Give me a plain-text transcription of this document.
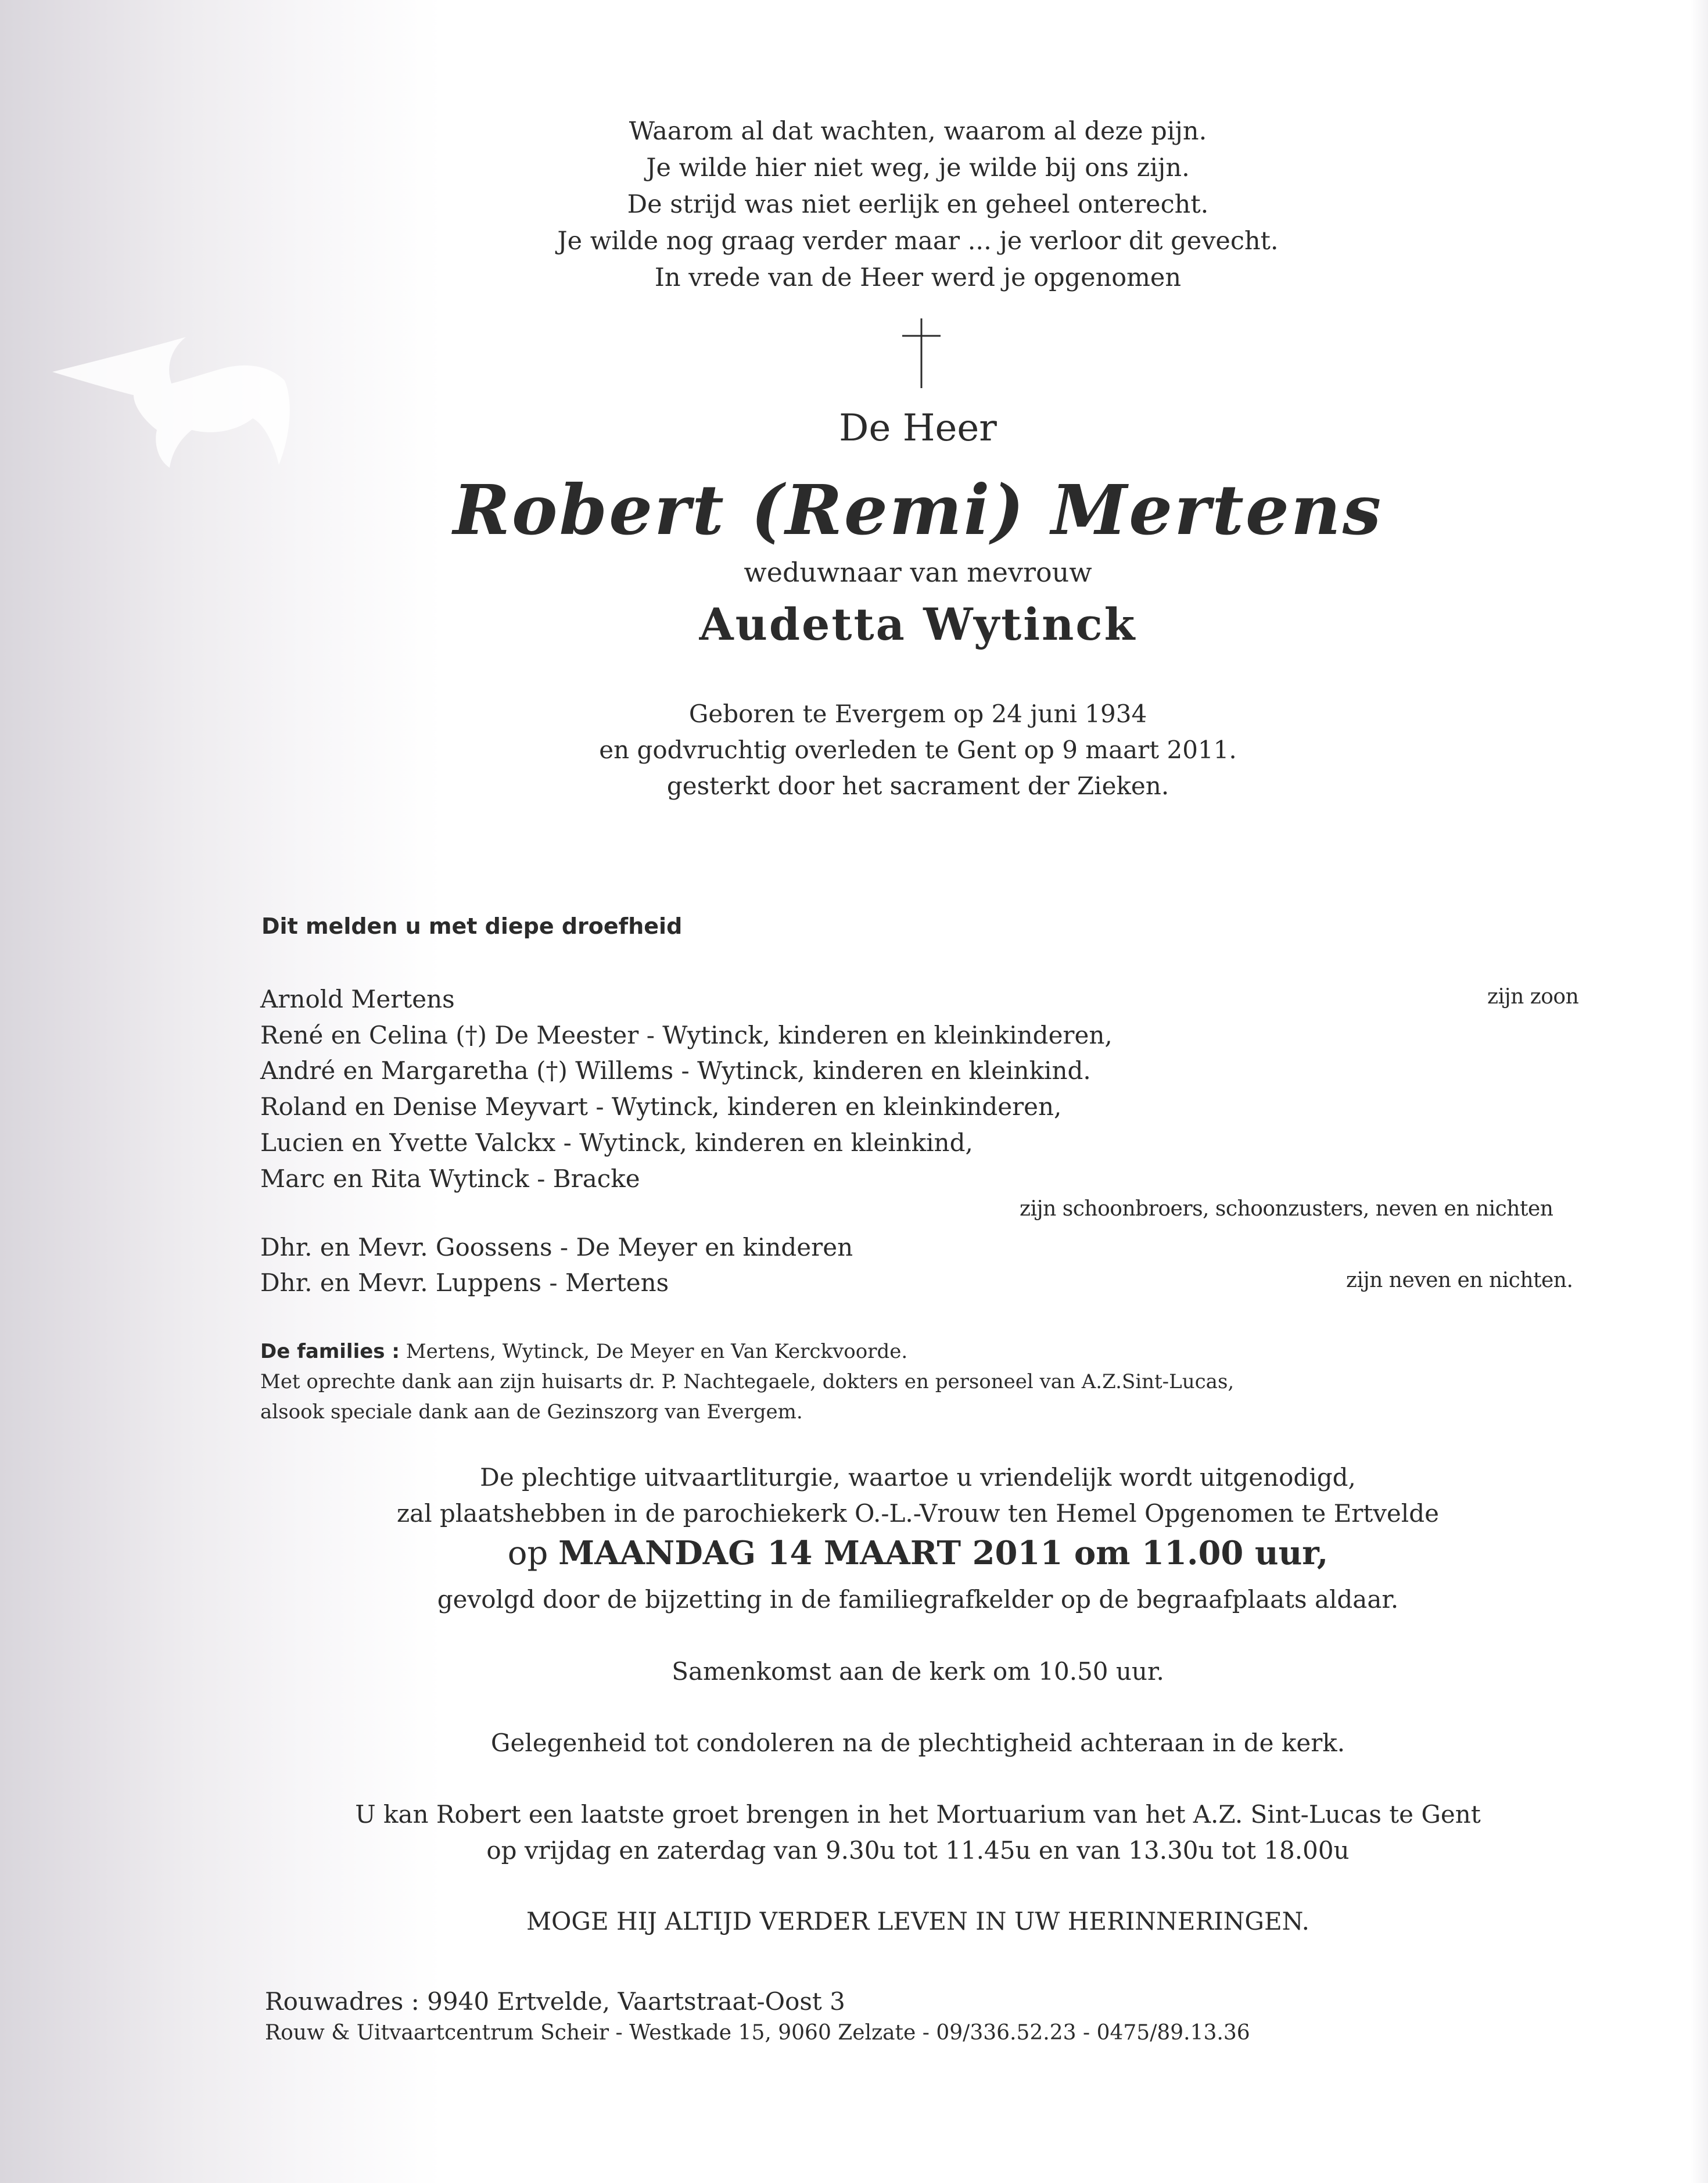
Waarom al dat wachten, waarom al deze pijn.
Je wilde hier niet weg, je wilde bij ons zijn.
De strijd was niet eerlijk en geheel onterecht.
Je wilde nog graag verder maar ... je verloor dit gevecht.
In vrede van de Heer werd je opgenomen
De Heer
Robert (Remi) Mertens
weduwnaar van mevrouw
Audetta Wytinck
Geboren te Evergem op 24 juni 1934
en godvruchtig overleden te Gent op 9 maart 2011.
gesterkt door het sacrament der Zieken.
Dit melden u met diepe droefheid
Arnold Mertens	zijn zoon
René en Celina (†) De Meester - Wytinck, kinderen en kleinkinderen,
André en Margaretha (†) Willems - Wytinck, kinderen en kleinkind.
Roland en Denise Meyvart - Wytinck, kinderen en kleinkinderen,
Lucien en Yvette Valckx - Wytinck, kinderen en kleinkind,
Marc en Rita Wytinck - Bracke
zijn schoonbroers, schoonzusters, neven en nichten
Dhr. en Mevr. Goossens - De Meyer en kinderen
Dhr. en Mevr. Luppens - Mertens	zijn neven en nichten.
De families : Mertens, Wytinck, De Meyer en Van Kerckvoorde.
Met oprechte dank aan zijn huisarts dr. P. Nachtegaele, dokters en personeel van A.Z.Sint-Lucas,
alsook speciale dank aan de Gezinszorg van Evergem.
De plechtige uitvaartliturgie, waartoe u vriendelijk wordt uitgenodigd,
zal plaatshebben in de parochiekerk O.-L.-Vrouw ten Hemel Opgenomen te Ertvelde
op MAANDAG 14 MAART 2011 om 11.00 uur,
gevolgd door de bijzetting in de familiegrafkelder op de begraafplaats aldaar.
Samenkomst aan de kerk om 10.50 uur.
Gelegenheid tot condoleren na de plechtigheid achteraan in de kerk.
U kan Robert een laatste groet brengen in het Mortuarium van het A.Z. Sint-Lucas te Gent
op vrijdag en zaterdag van 9.30u tot 11.45u en van 13.30u tot 18.00u
MOGE HIJ ALTIJD VERDER LEVEN IN UW HERINNERINGEN.
Rouwadres : 9940 Ertvelde, Vaartstraat-Oost 3
Rouw & Uitvaartcentrum Scheir - Westkade 15, 9060 Zelzate - 09/336.52.23 - 0475/89.13.36
